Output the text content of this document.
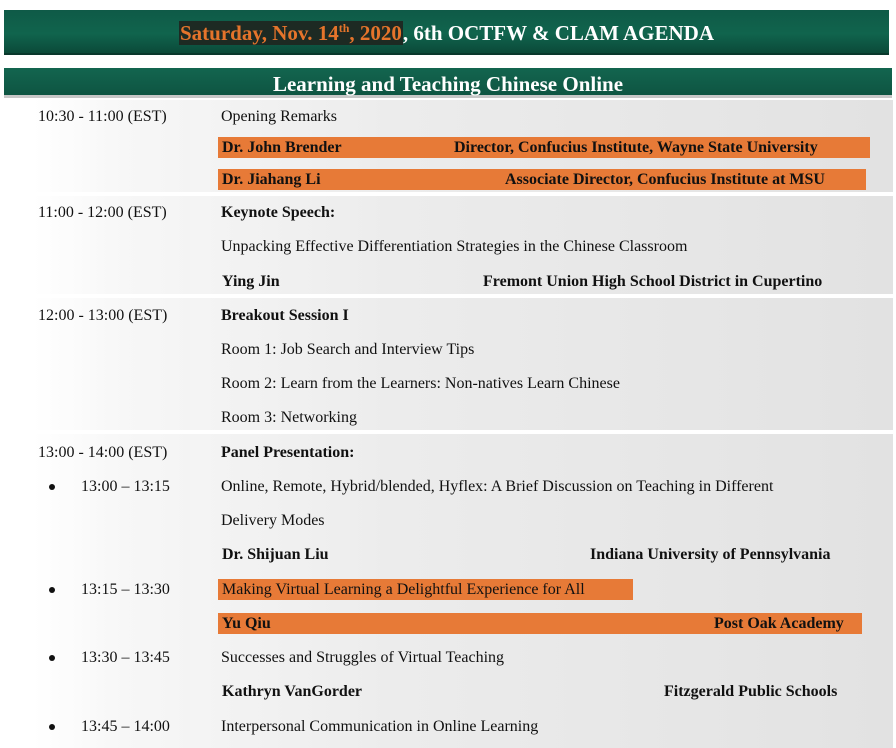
Saturday, Nov. 14th, 2020, 6th OCTFW & CLAM AGENDA
Learning and Teaching Chinese Online
10:30 - 11:00 (EST)	Opening Remarks
Dr. John Brender	Director, Confucius Institute, Wayne State University
Dr. Jiahang Li	Associate Director, Confucius Institute at MSU
11:00 - 12:00 (EST)	Keynote Speech:
Unpacking Effective Differentiation Strategies in the Chinese Classroom
Ying Jin	Fremont Union High School District in Cupertino
12:00 - 13:00 (EST)	Breakout Session I
Room 1: Job Search and Interview Tips
Room 2: Learn from the Learners: Non-natives Learn Chinese
Room 3: Networking
13:00 - 14:00 (EST)	Panel Presentation:
13:00 – 13:15	Online, Remote, Hybrid/blended, Hyflex: A Brief Discussion on Teaching in Different
Delivery Modes
Dr. Shijuan Liu	Indiana University of Pennsylvania
13:15 – 13:30	Making Virtual Learning a Delightful Experience for All
Yu Qiu	Post Oak Academy
13:30 – 13:45	Successes and Struggles of Virtual Teaching
Kathryn VanGorder	Fitzgerald Public Schools
13:45 – 14:00	Interpersonal Communication in Online Learning
